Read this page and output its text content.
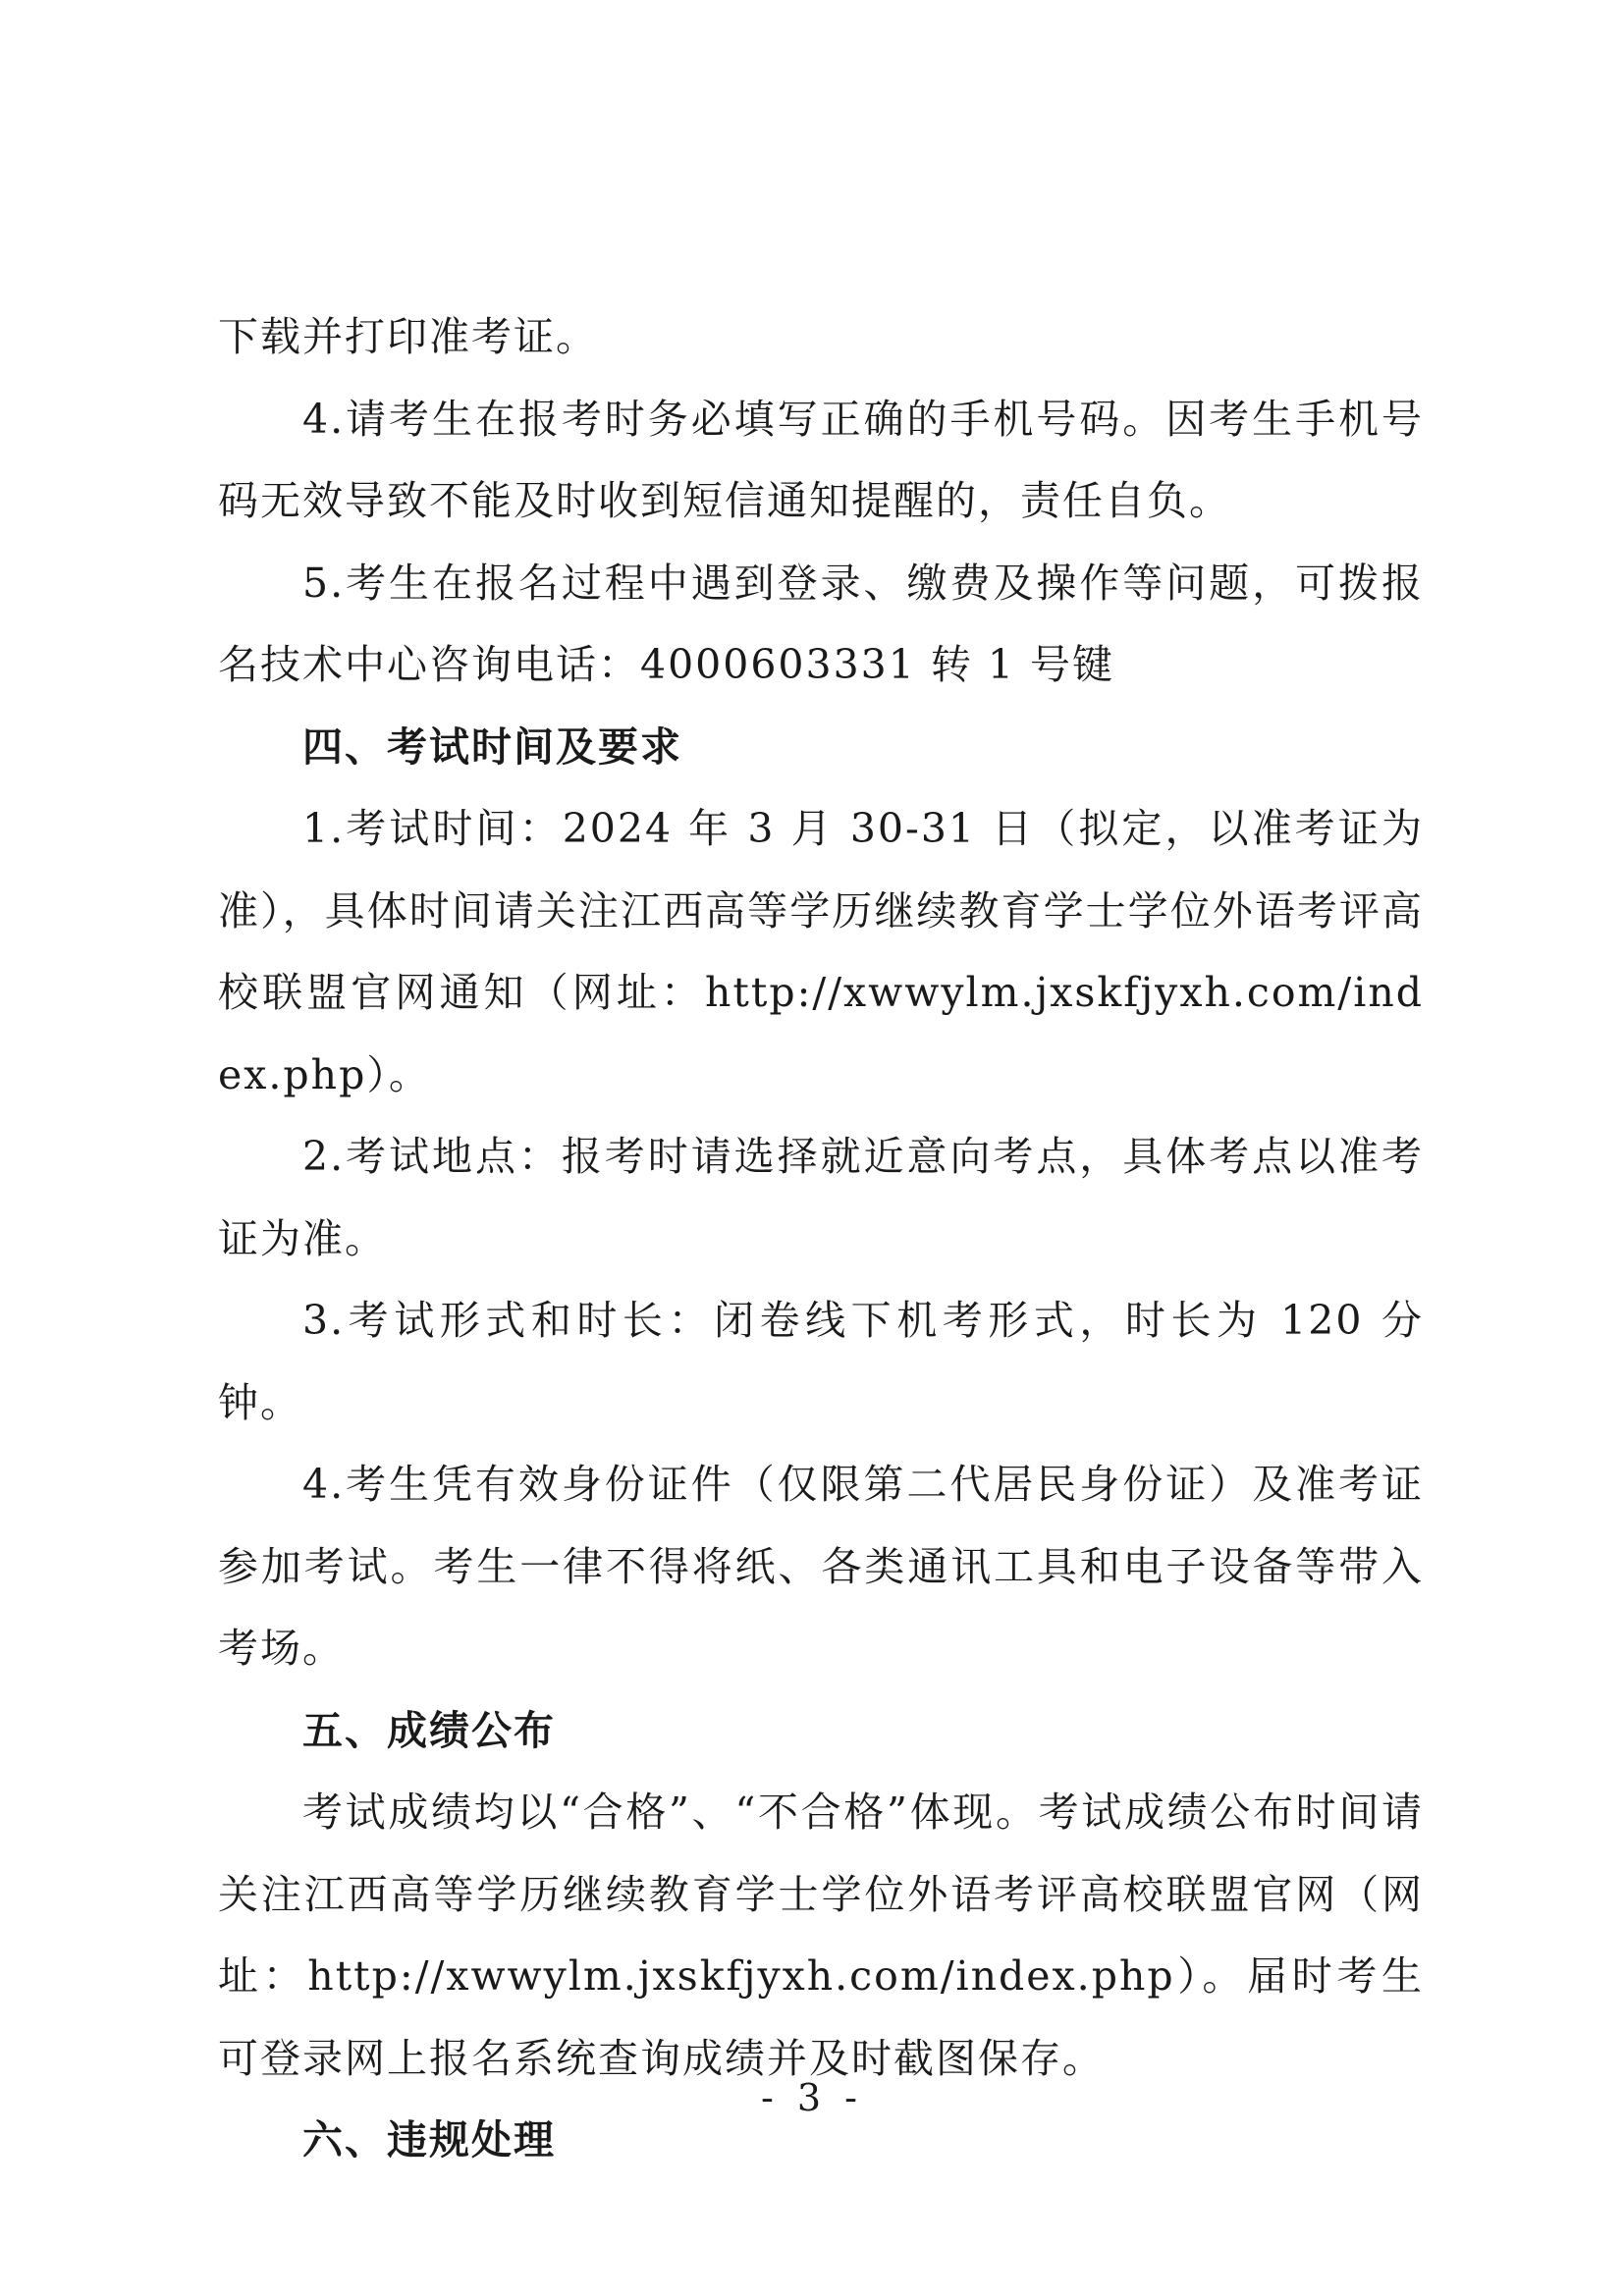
下载并打印准考证。

4.请考生在报考时务必填写正确的手机号码。因考生手机号码无效导致不能及时收到短信通知提醒的，责任自负。

5.考生在报名过程中遇到登录、缴费及操作等问题，可拨报名技术中心咨询电话：4000603331 转 1 号键

四、考试时间及要求

1.考试时间：2024 年 3 月 30-31 日（拟定，以准考证为准），具体时间请关注江西高等学历继续教育学士学位外语考评高校联盟官网通知（网址：http://xwwylm.jxskfjyxh.com/index.php）。

2.考试地点：报考时请选择就近意向考点，具体考点以准考证为准。

3.考试形式和时长：闭卷线下机考形式，时长为 120 分钟。

4.考生凭有效身份证件（仅限第二代居民身份证）及准考证参加考试。考生一律不得将纸、各类通讯工具和电子设备等带入考场。

五、成绩公布

考试成绩均以“合格”、“不合格”体现。考试成绩公布时间请关注江西高等学历继续教育学士学位外语考评高校联盟官网（网址：http://xwwylm.jxskfjyxh.com/index.php）。届时考生可登录网上报名系统查询成绩并及时截图保存。

六、违规处理

- 3 -
